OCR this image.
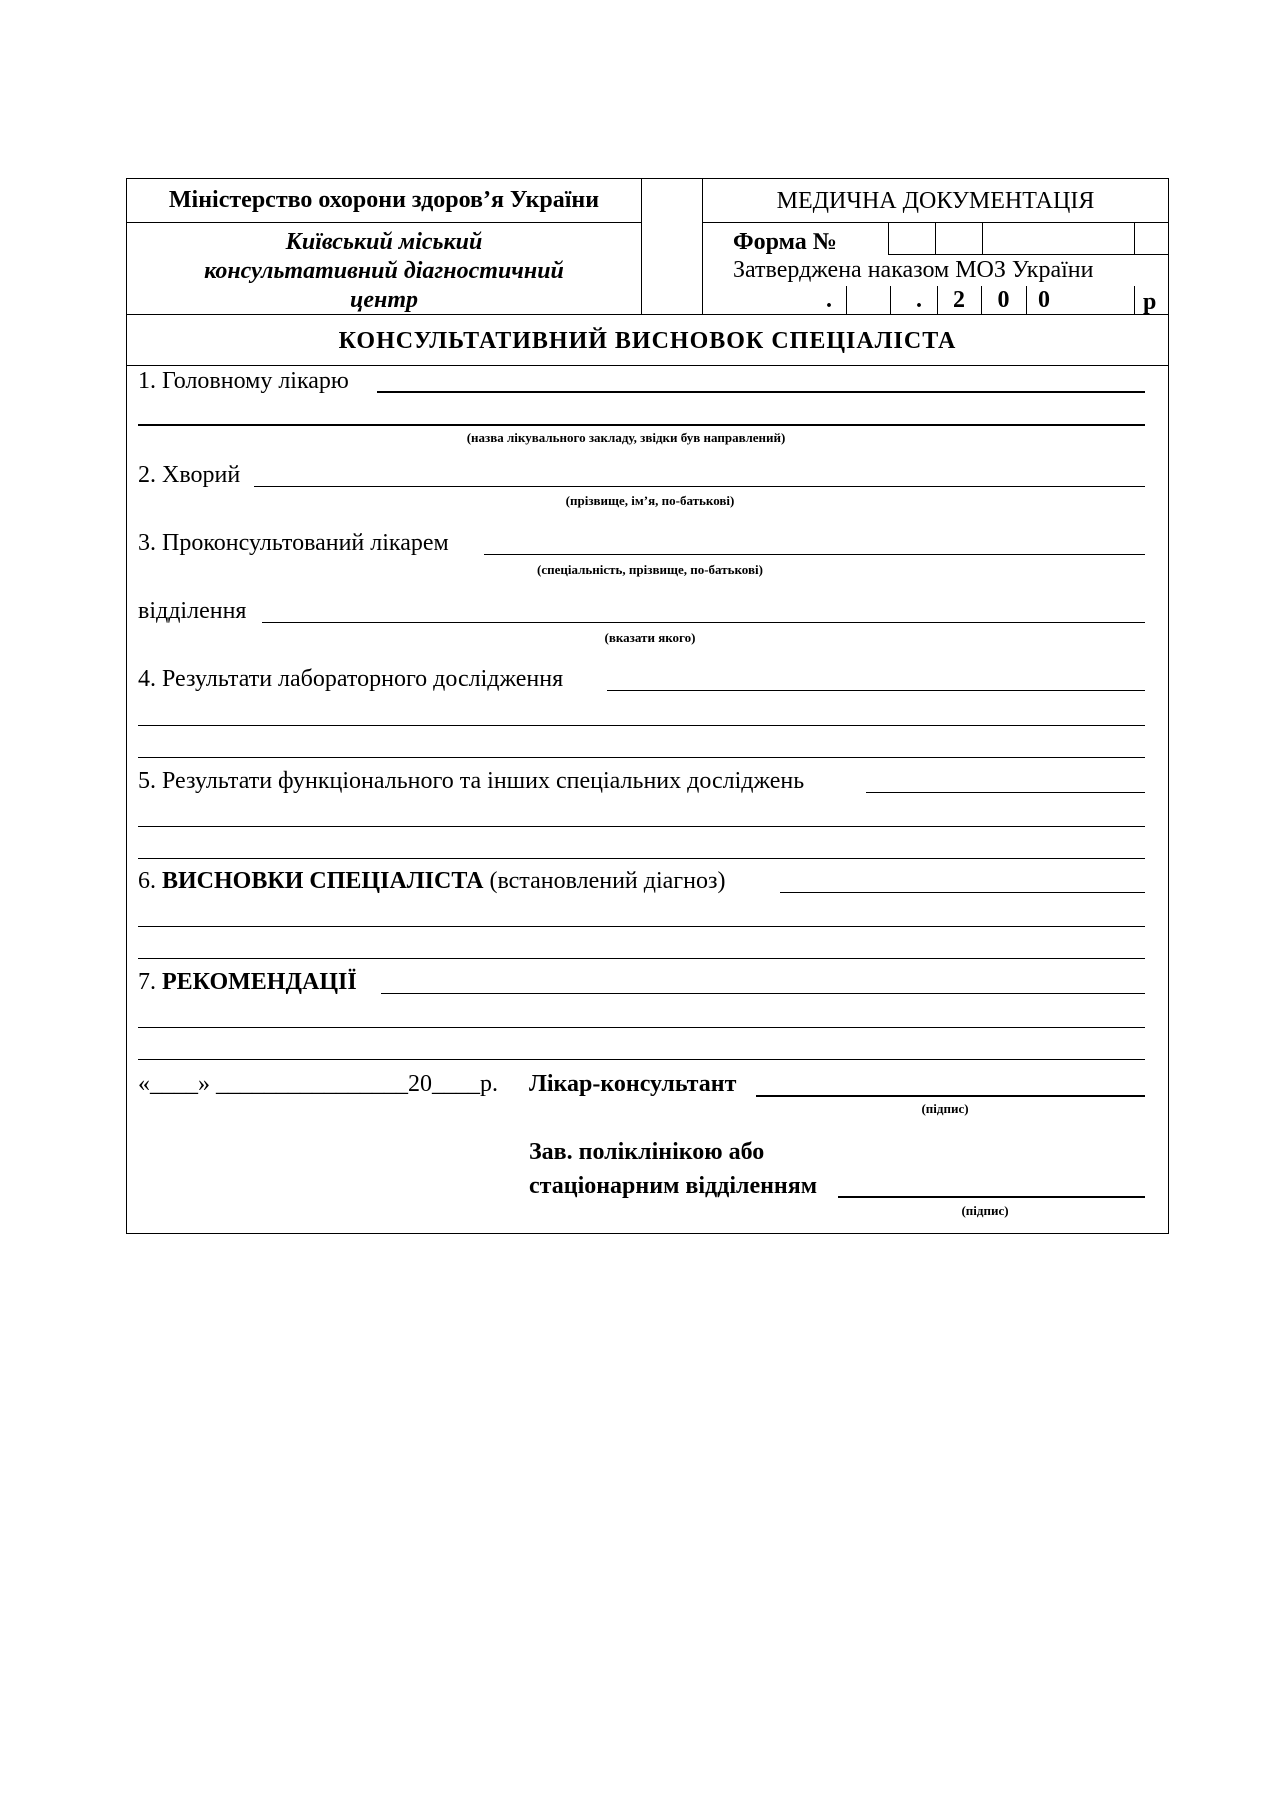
Міністерство охорони здоров’я України
Київський міський
консультативний діагностичний
центр
МЕДИЧНА ДОКУМЕНТАЦІЯ
Форма №
Затверджена наказом МОЗ України
.	.	2	0	0	р
КОНСУЛЬТАТИВНИЙ ВИСНОВОК СПЕЦІАЛІСТА
1. Головному лікарю
(назва лікувального закладу, звідки був направлений)
2. Хворий
(прізвище, ім’я, по-батькові)
3. Проконсультований лікарем
(спеціальність, прізвище, по-батькові)
відділення
(вказати якого)
4. Результати лабораторного дослідження
5. Результати функціонального та інших спеціальних досліджень
6. ВИСНОВКИ СПЕЦІАЛІСТА (встановлений діагноз)
7. РЕКОМЕНДАЦІЇ
«____» ________________20____р. Лікар-консультант
(підпис)
Зав. поліклінікою або
стаціонарним відділенням
(підпис)
